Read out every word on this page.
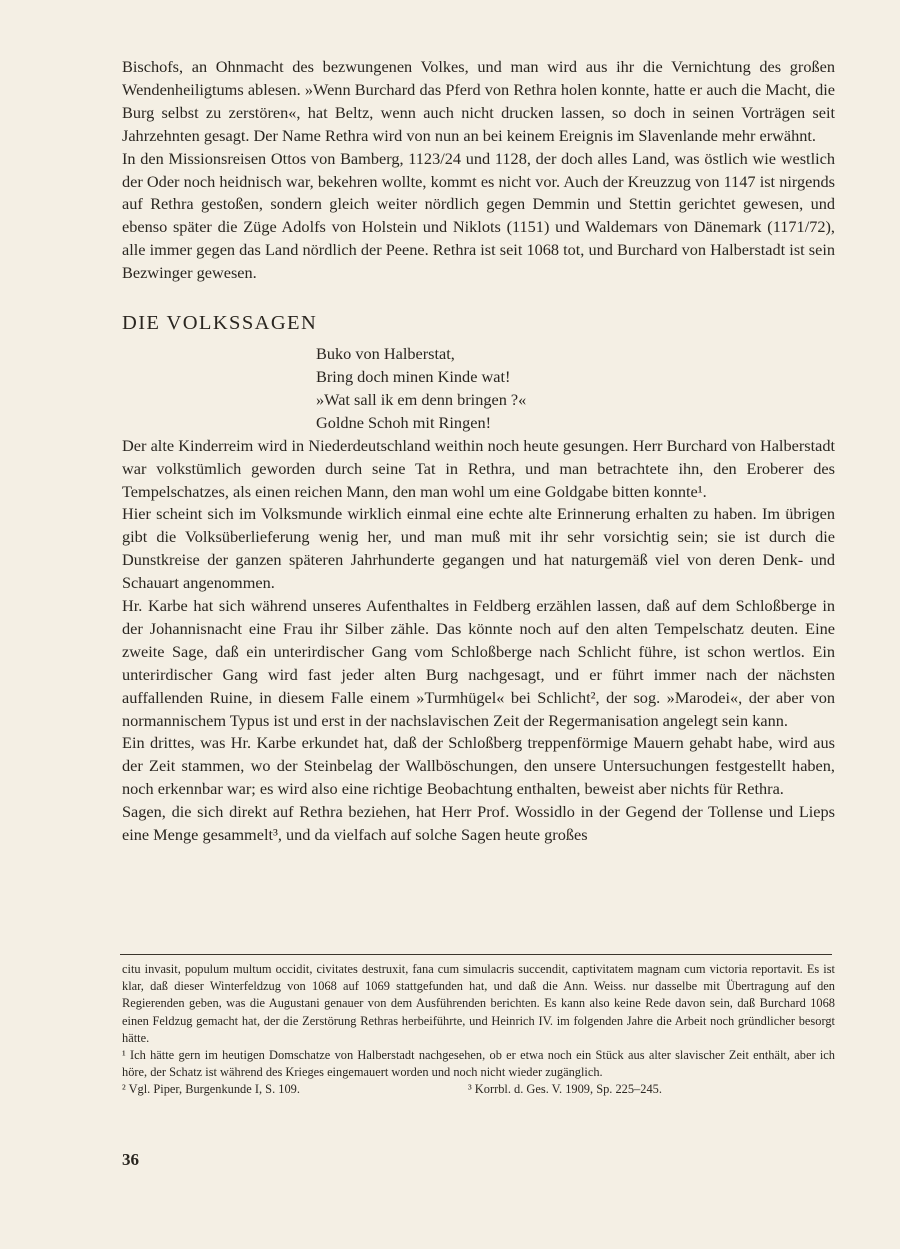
Bischofs, an Ohnmacht des bezwungenen Volkes, und man wird aus ihr die Vernichtung des großen Wendenheiligtums ablesen. »Wenn Burchard das Pferd von Rethra holen konnte, hatte er auch die Macht, die Burg selbst zu zerstören«, hat Beltz, wenn auch nicht drucken lassen, so doch in seinen Vorträgen seit Jahrzehnten gesagt. Der Name Rethra wird von nun an bei keinem Ereignis im Slavenlande mehr erwähnt.

In den Missionsreisen Ottos von Bamberg, 1123/24 und 1128, der doch alles Land, was östlich wie westlich der Oder noch heidnisch war, bekehren wollte, kommt es nicht vor. Auch der Kreuzzug von 1147 ist nirgends auf Rethra gestoßen, sondern gleich weiter nördlich gegen Demmin und Stettin gerichtet gewesen, und ebenso später die Züge Adolfs von Holstein und Niklots (1151) und Waldemars von Dänemark (1171/72), alle immer gegen das Land nördlich der Peene. Rethra ist seit 1068 tot, und Burchard von Halberstadt ist sein Bezwinger gewesen.

DIE VOLKSSAGEN
Buko von Halberstat,
Bring doch minen Kinde wat!
»Wat sall ik em denn bringen ?«
Goldne Schoh mit Ringen!

Der alte Kinderreim wird in Niederdeutschland weithin noch heute gesungen. Herr Burchard von Halberstadt war volkstümlich geworden durch seine Tat in Rethra, und man betrachtete ihn, den Eroberer des Tempelschatzes, als einen reichen Mann, den man wohl um eine Goldgabe bitten konnte¹.

Hier scheint sich im Volksmunde wirklich einmal eine echte alte Erinnerung erhalten zu haben. Im übrigen gibt die Volksüberlieferung wenig her, und man muß mit ihr sehr vorsichtig sein; sie ist durch die Dunstkreise der ganzen späteren Jahrhunderte gegangen und hat naturgemäß viel von deren Denk- und Schauart angenommen.

Hr. Karbe hat sich während unseres Aufenthaltes in Feldberg erzählen lassen, daß auf dem Schloßberge in der Johannisnacht eine Frau ihr Silber zähle. Das könnte noch auf den alten Tempelschatz deuten. Eine zweite Sage, daß ein unterirdischer Gang vom Schloßberge nach Schlicht führe, ist schon wertlos. Ein unterirdischer Gang wird fast jeder alten Burg nachgesagt, und er führt immer nach der nächsten auffallenden Ruine, in diesem Falle einem »Turmhügel« bei Schlicht², der sog. »Marodei«, der aber von normannischem Typus ist und erst in der nachslavischen Zeit der Regermanisation angelegt sein kann.

Ein drittes, was Hr. Karbe erkundet hat, daß der Schloßberg treppenförmige Mauern gehabt habe, wird aus der Zeit stammen, wo der Steinbelag der Wallböschungen, den unsere Untersuchungen festgestellt haben, noch erkennbar war; es wird also eine richtige Beobachtung enthalten, beweist aber nichts für Rethra.

Sagen, die sich direkt auf Rethra beziehen, hat Herr Prof. Wossidlo in der Gegend der Tollense und Lieps eine Menge gesammelt³, und da vielfach auf solche Sagen heute großes

citu invasit, populum multum occidit, civitates destruxit, fana cum simulacris succendit, captivitatem magnam cum victoria reportavit. Es ist klar, daß dieser Winterfeldzug von 1068 auf 1069 stattgefunden hat, und daß die Ann. Weiss. nur dasselbe mit Übertragung auf den Regierenden geben, was die Augustani genauer von dem Ausführenden berichten. Es kann also keine Rede davon sein, daß Burchard 1068 einen Feldzug gemacht hat, der die Zerstörung Rethras herbeiführte, und Heinrich IV. im folgenden Jahre die Arbeit noch gründlicher besorgt hätte.

¹ Ich hätte gern im heutigen Domschatze von Halberstadt nachgesehen, ob er etwa noch ein Stück aus alter slavischer Zeit enthält, aber ich höre, der Schatz ist während des Krieges eingemauert worden und noch nicht wieder zugänglich.

² Vgl. Piper, Burgenkunde I, S. 109.	³ Korrbl. d. Ges. V. 1909, Sp. 225–245.
36
